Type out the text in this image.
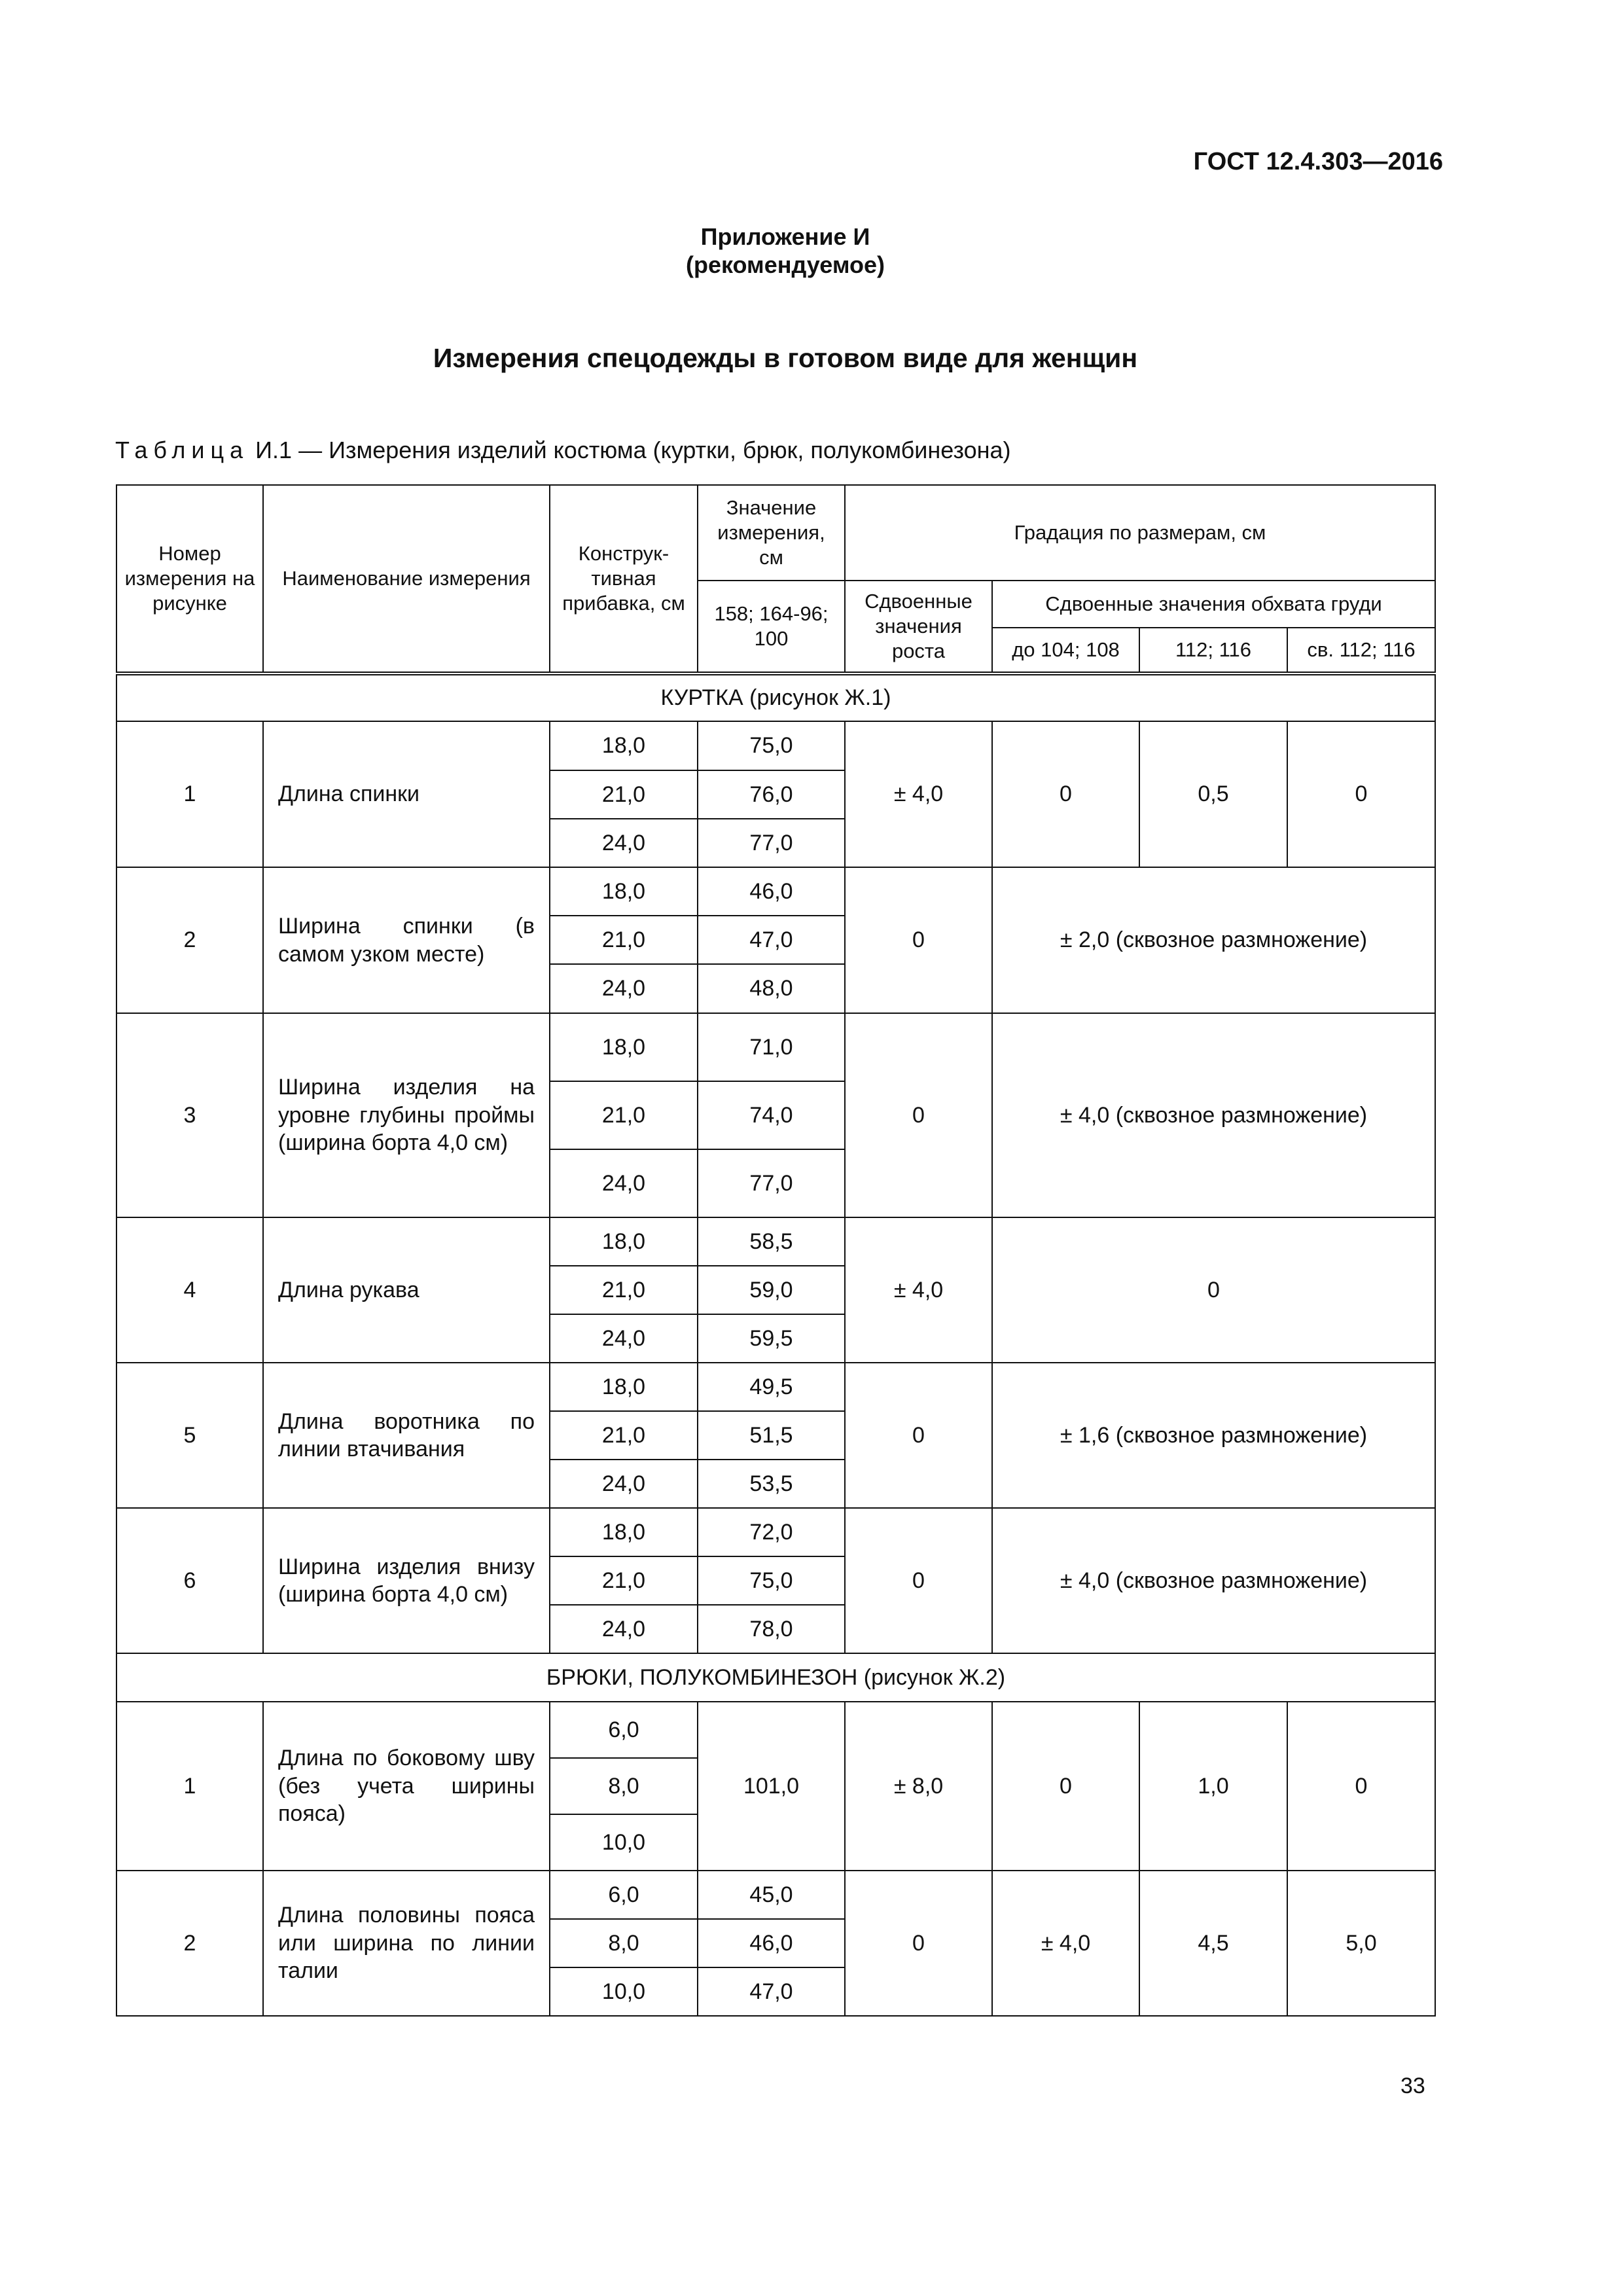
ГОСТ 12.4.303—2016
Приложение И
(рекомендуемое)
Измерения спецодежды в готовом виде для женщин
Таблица И.1 — Измерения изделий костюма (куртки, брюк, полукомбинезона)
Номер измерения на рисунке	Наименование измерения	Конструк-тивная прибавка, см	Значение измерения, см	Градация по размерам, см			
			158; 164-96; 100	Сдвоенные значения роста	Сдвоенные значения обхвата груди		
					до 104; 108	112; 116	св. 112; 116
КУРТКА (рисунок Ж.1)							
1	Длина спинки	18,0	75,0	± 4,0	0	0,5	0
		21,0	76,0				
		24,0	77,0				
2	Ширина спинки (в самом узком месте)	18,0	46,0	0	± 2,0 (сквозное размножение)		
		21,0	47,0				
		24,0	48,0				
3	Ширина изделия на уровне глубины проймы (ширина борта 4,0 см)	18,0	71,0	0	± 4,0 (сквозное размножение)		
		21,0	74,0				
		24,0	77,0				
4	Длина рукава	18,0	58,5	± 4,0	0		
		21,0	59,0				
		24,0	59,5				
5	Длина воротника по линии втачивания	18,0	49,5	0	± 1,6 (сквозное размножение)		
		21,0	51,5				
		24,0	53,5				
6	Ширина изделия внизу (ширина борта 4,0 см)	18,0	72,0	0	± 4,0 (сквозное размножение)		
		21,0	75,0				
		24,0	78,0				
БРЮКИ, ПОЛУКОМБИНЕЗОН (рисунок Ж.2)							
1	Длина по боковому шву (без учета ширины пояса)	6,0	101,0	± 8,0	0	1,0	0
		8,0					
		10,0					
2	Длина половины пояса или ширина по линии талии	6,0	45,0	0	± 4,0	4,5	5,0
		8,0	46,0				
		10,0	47,0				
33
